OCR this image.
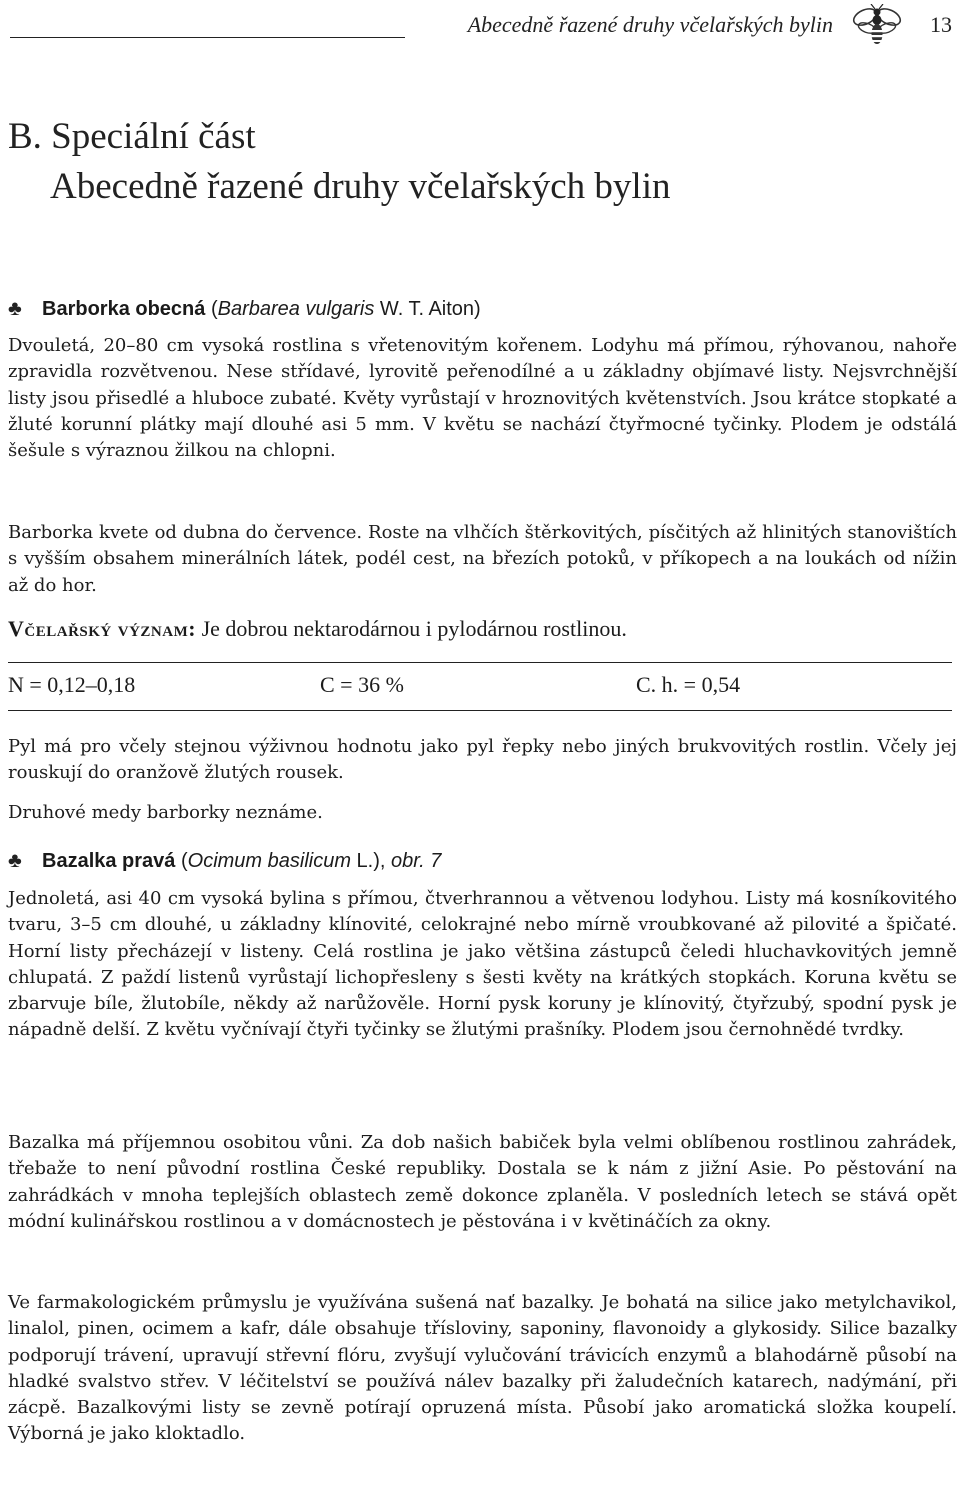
Abecedně řazené druhy včelařských bylin	13
B. Speciální část
Abecedně řazené druhy včelařských bylin
♣ Barborka obecná (Barbarea vulgaris W. T. Aiton)

Dvouletá, 20–80 cm vysoká rostlina s vřetenovitým kořenem. Lodyhu má přímou, rýhovanou, nahoře zpravidla rozvětvenou. Nese střídavé, lyrovitě peřenodílné a u základny objímavé listy. Nejsvrchnější listy jsou přisedlé a hluboce zubaté. Květy vyrůstají v hroznovitých květenstvích. Jsou krátce stopkaté a žluté korunní plátky mají dlouhé asi 5 mm. V květu se nachází čtyřmocné tyčinky. Plodem je odstálá šešule s výraznou žilkou na chlopni.

Barborka kvete od dubna do července. Roste na vlhčích štěrkovitých, písčitých až hlinitých stanovištích s vyšším obsahem minerálních látek, podél cest, na březích potoků, v příkopech a na loukách od nížin až do hor.

Včelařský význam: Je dobrou nektarodárnou i pylodárnou rostlinou.
N = 0,12–0,18	C = 36 %	C. h. = 0,54

Pyl má pro včely stejnou výživnou hodnotu jako pyl řepky nebo jiných brukvovitých rostlin. Včely jej rouskují do oranžově žlutých rousek.

Druhové medy barborky neznáme.

♣ Bazalka pravá (Ocimum basilicum L.), obr. 7

Jednoletá, asi 40 cm vysoká bylina s přímou, čtverhrannou a větvenou lodyhou. Listy má kosníkovitého tvaru, 3–5 cm dlouhé, u základny klínovité, celokrajné nebo mírně vroubkované až pilovité a špičaté. Horní listy přecházejí v listeny. Celá rostlina je jako většina zástupců čeledi hluchavkovitých jemně chlupatá. Z paždí listenů vyrůstají lichopřesleny s šesti květy na krátkých stopkách. Koruna květu se zbarvuje bíle, žlutobíle, někdy až narůžověle. Horní pysk koruny je klínovitý, čtyřzubý, spodní pysk je nápadně delší. Z květu vyčnívají čtyři tyčinky se žlutými prašníky. Plodem jsou černohnědé tvrdky.

Bazalka má příjemnou osobitou vůni. Za dob našich babiček byla velmi oblíbenou rostlinou zahrádek, třebaže to není původní rostlina České republiky. Dostala se k nám z jižní Asie. Po pěstování na zahrádkách v mnoha teplejších oblastech země dokonce zplaněla. V posledních letech se stává opět módní kulinářskou rostlinou a v domácnostech je pěstována i v květináčích za okny.

Ve farmakologickém průmyslu je využívána sušená nať bazalky. Je bohatá na silice jako metylchavikol, linalol, pinen, ocimem a kafr, dále obsahuje třísloviny, saponiny, flavonoidy a glykosidy. Silice bazalky podporují trávení, upravují střevní flóru, zvyšují vylučování trávicích enzymů a blahodárně působí na hladké svalstvo střev. V léčitelství se používá nálev bazalky při žaludečních katarech, nadýmání, při zácpě. Bazalkovými listy se zevně potírají opruzená místa. Působí jako aromatická složka koupelí. Výborná je jako kloktadlo.
